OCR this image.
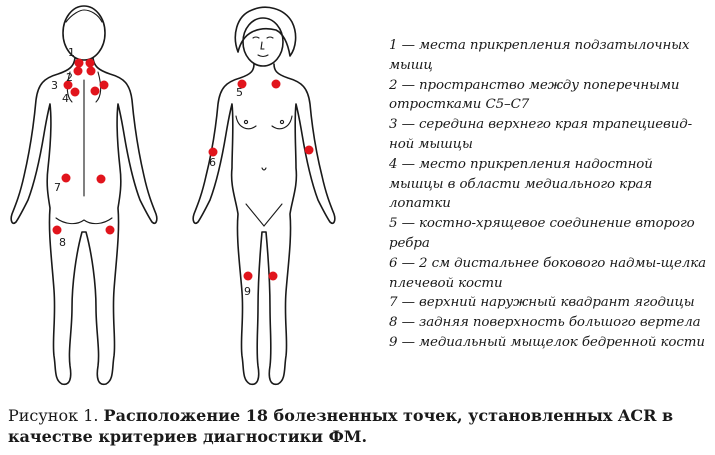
1
2
3
4
7
8
5
6
9

1 — места прикрепления подзатылочных мышц

2 — пространство между поперечными отростками С5–С7

3 — середина верхнего края трапециевид-ной мышцы

4 — место прикрепления надостной мышцы в области медиального края лопатки

5 — костно-хрящевое соединение второго ребра

6 — 2 см дистальнее бокового надмы-щелка плечевой кости

7 — верхний наружный квадрант ягодицы

8 — задняя поверхность большого вертела

9 — медиальный мыщелок бедренной кости

Рисунок 1. Расположение 18 болезненных точек, установленных ACR в качестве критериев диагностики ФМ.
